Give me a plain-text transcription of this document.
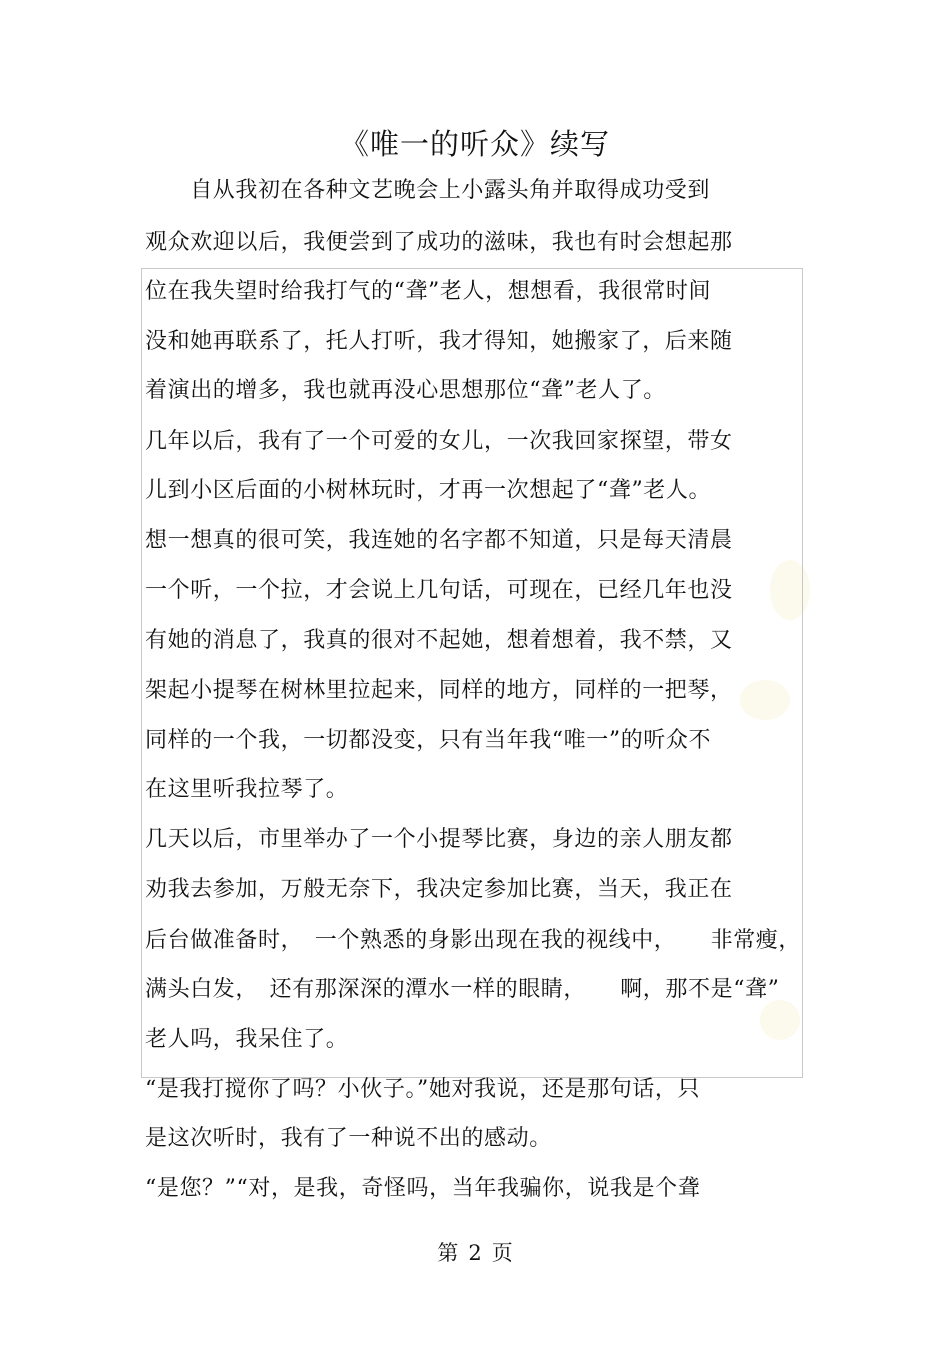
《唯一的听众》续写
　　自从我初在各种文艺晚会上小露头角并取得成功受到
观众欢迎以后，我便尝到了成功的滋味，我也有时会想起那
位在我失望时给我打气的“聋”老人，想想看，我很常时间
没和她再联系了，托人打听，我才得知，她搬家了，后来随
着演出的增多，我也就再没心思想那位“聋”老人了。
几年以后，我有了一个可爱的女儿，一次我回家探望，带女
儿到小区后面的小树林玩时，才再一次想起了“聋”老人。
想一想真的很可笑，我连她的名字都不知道，只是每天清晨
一个听，一个拉，才会说上几句话，可现在，已经几年也没
有她的消息了，我真的很对不起她，想着想着，我不禁，又
架起小提琴在树林里拉起来，同样的地方，同样的一把琴，
同样的一个我，一切都没变，只有当年我“唯一”的听众不
在这里听我拉琴了。
几天以后，市里举办了一个小提琴比赛，身边的亲人朋友都
劝我去参加，万般无奈下，我决定参加比赛，当天，我正在
后台做准备时，　一个熟悉的身影出现在我的视线中，　　非常瘦，
满头白发，　还有那深深的潭水一样的眼睛，　　啊，那不是“聋”
老人吗，我呆住了。
“是我打搅你了吗？小伙子。”她对我说，还是那句话，只
是这次听时，我有了一种说不出的感动。
“是您？”“对，是我，奇怪吗，当年我骗你，说我是个聋
第 2 页
